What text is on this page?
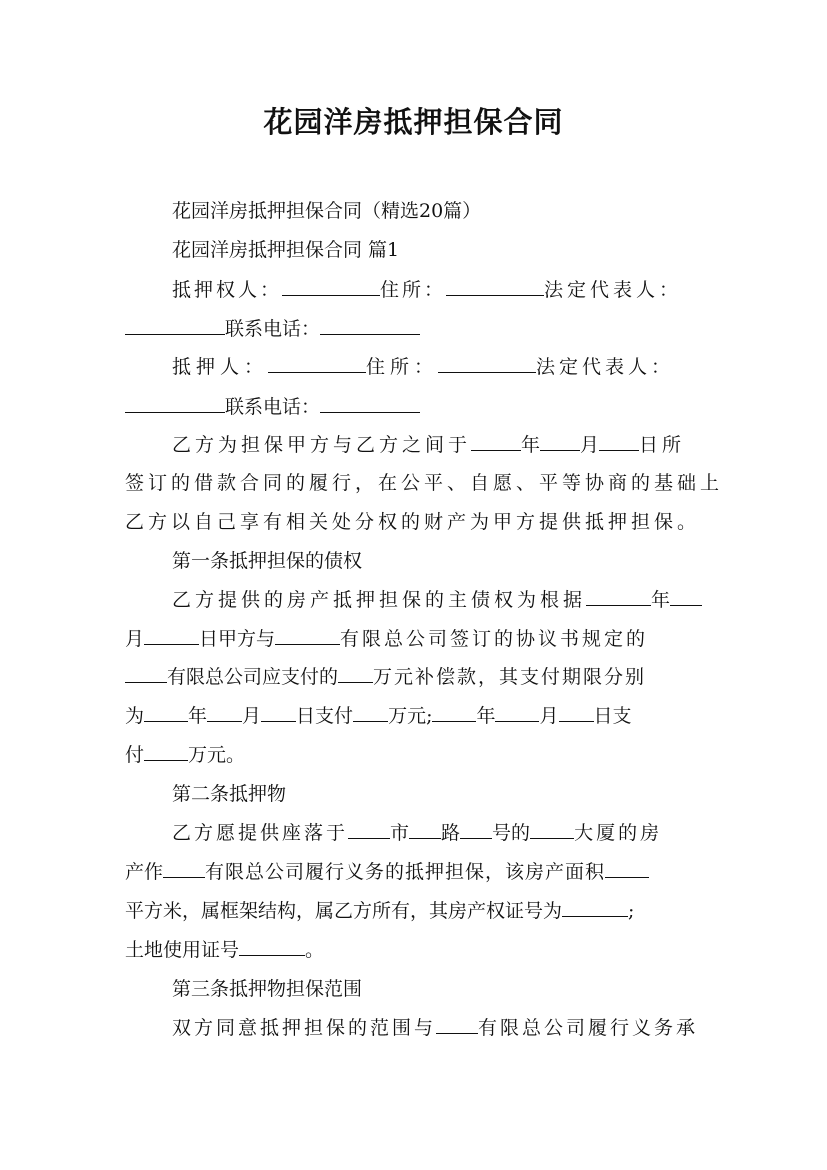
花园洋房抵押担保合同
花园洋房抵押担保合同（精选20篇）
花园洋房抵押担保合同 篇1
抵押权人：	住所：	法定代表人：
联系电话：
抵押人：	住所：	法定代表人：
联系电话：
乙方为担保甲方与乙方之间于	年 月 日所
签订的借款合同的履行，在公平、自愿、平等协商的基础上
乙方以自己享有相关处分权的财产为甲方提供抵押担保。
第一条抵押担保的债权
乙方提供的房产抵押担保的主债权为根据	年
月	日甲方与	有限总公司签订的协议书规定的
有限总公司应支付的 万元补偿款，其支付期限分别
为 年 月 日支付 万元; 年 月 日支
付 万元。
第二条抵押物
乙方愿提供座落于 市 路 号的 大厦的房
产作 有限总公司履行义务的抵押担保，该房产面积
平方米，属框架结构，属乙方所有，其房产权证号为	;
土地使用证号	。
第三条抵押物担保范围
双方同意抵押担保的范围与 有限总公司履行义务承
